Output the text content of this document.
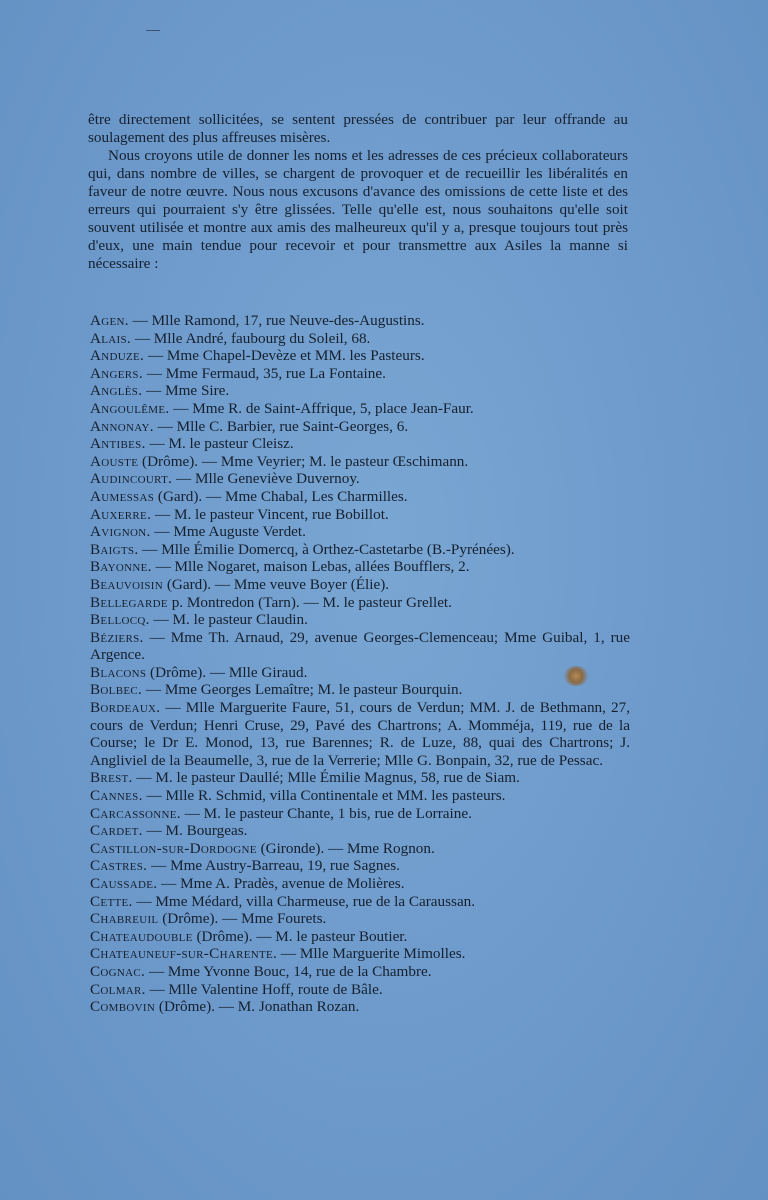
être directement sollicitées, se sentent pressées de contribuer par leur offrande au soulagement des plus affreuses misères.

Nous croyons utile de donner les noms et les adresses de ces précieux collaborateurs qui, dans nombre de villes, se chargent de provoquer et de recueillir les libéralités en faveur de notre œuvre. Nous nous excusons d'avance des omissions de cette liste et des erreurs qui pourraient s'y être glissées. Telle qu'elle est, nous souhaitons qu'elle soit souvent utilisée et montre aux amis des malheureux qu'il y a, presque toujours tout près d'eux, une main tendue pour recevoir et pour transmettre aux Asiles la manne si nécessaire :

Agen. — Mlle Ramond, 17, rue Neuve-des-Augustins.

Alais. — Mlle André, faubourg du Soleil, 68.

Anduze. — Mme Chapel-Devèze et MM. les Pasteurs.

Angers. — Mme Fermaud, 35, rue La Fontaine.

Anglès. — Mme Sire.

Angoulême. — Mme R. de Saint-Affrique, 5, place Jean-Faur.

Annonay. — Mlle C. Barbier, rue Saint-Georges, 6.

Antibes. — M. le pasteur Cleisz.

Aouste (Drôme). — Mme Veyrier; M. le pasteur Œschimann.

Audincourt. — Mlle Geneviève Duvernoy.

Aumessas (Gard). — Mme Chabal, Les Charmilles.

Auxerre. — M. le pasteur Vincent, rue Bobillot.

Avignon. — Mme Auguste Verdet.

Baigts. — Mlle Émilie Domercq, à Orthez-Castetarbe (B.-Pyrénées).

Bayonne. — Mlle Nogaret, maison Lebas, allées Boufflers, 2.

Beauvoisin (Gard). — Mme veuve Boyer (Élie).

Bellegarde p. Montredon (Tarn). — M. le pasteur Grellet.

Bellocq. — M. le pasteur Claudin.

Béziers. — Mme Th. Arnaud, 29, avenue Georges-Clemenceau; Mme Guibal, 1, rue Argence.

Blacons (Drôme). — Mlle Giraud.

Bolbec. — Mme Georges Lemaître; M. le pasteur Bourquin.

Bordeaux. — Mlle Marguerite Faure, 51, cours de Verdun; MM. J. de Bethmann, 27, cours de Verdun; Henri Cruse, 29, Pavé des Chartrons; A. Momméja, 119, rue de la Course; le Dr E. Monod, 13, rue Barennes; R. de Luze, 88, quai des Chartrons; J. Angliviel de la Beaumelle, 3, rue de la Verrerie; Mlle G. Bonpain, 32, rue de Pessac.

Brest. — M. le pasteur Daullé; Mlle Émilie Magnus, 58, rue de Siam.

Cannes. — Mlle R. Schmid, villa Continentale et MM. les pasteurs.

Carcassonne. — M. le pasteur Chante, 1 bis, rue de Lorraine.

Cardet. — M. Bourgeas.

Castillon-sur-Dordogne (Gironde). — Mme Rognon.

Castres. — Mme Austry-Barreau, 19, rue Sagnes.

Caussade. — Mme A. Pradès, avenue de Molières.

Cette. — Mme Médard, villa Charmeuse, rue de la Caraussan.

Chabreuil (Drôme). — Mme Fourets.

Chateaudouble (Drôme). — M. le pasteur Boutier.

Chateauneuf-sur-Charente. — Mlle Marguerite Mimolles.

Cognac. — Mme Yvonne Bouc, 14, rue de la Chambre.

Colmar. — Mlle Valentine Hoff, route de Bâle.

Combovin (Drôme). — M. Jonathan Rozan.
